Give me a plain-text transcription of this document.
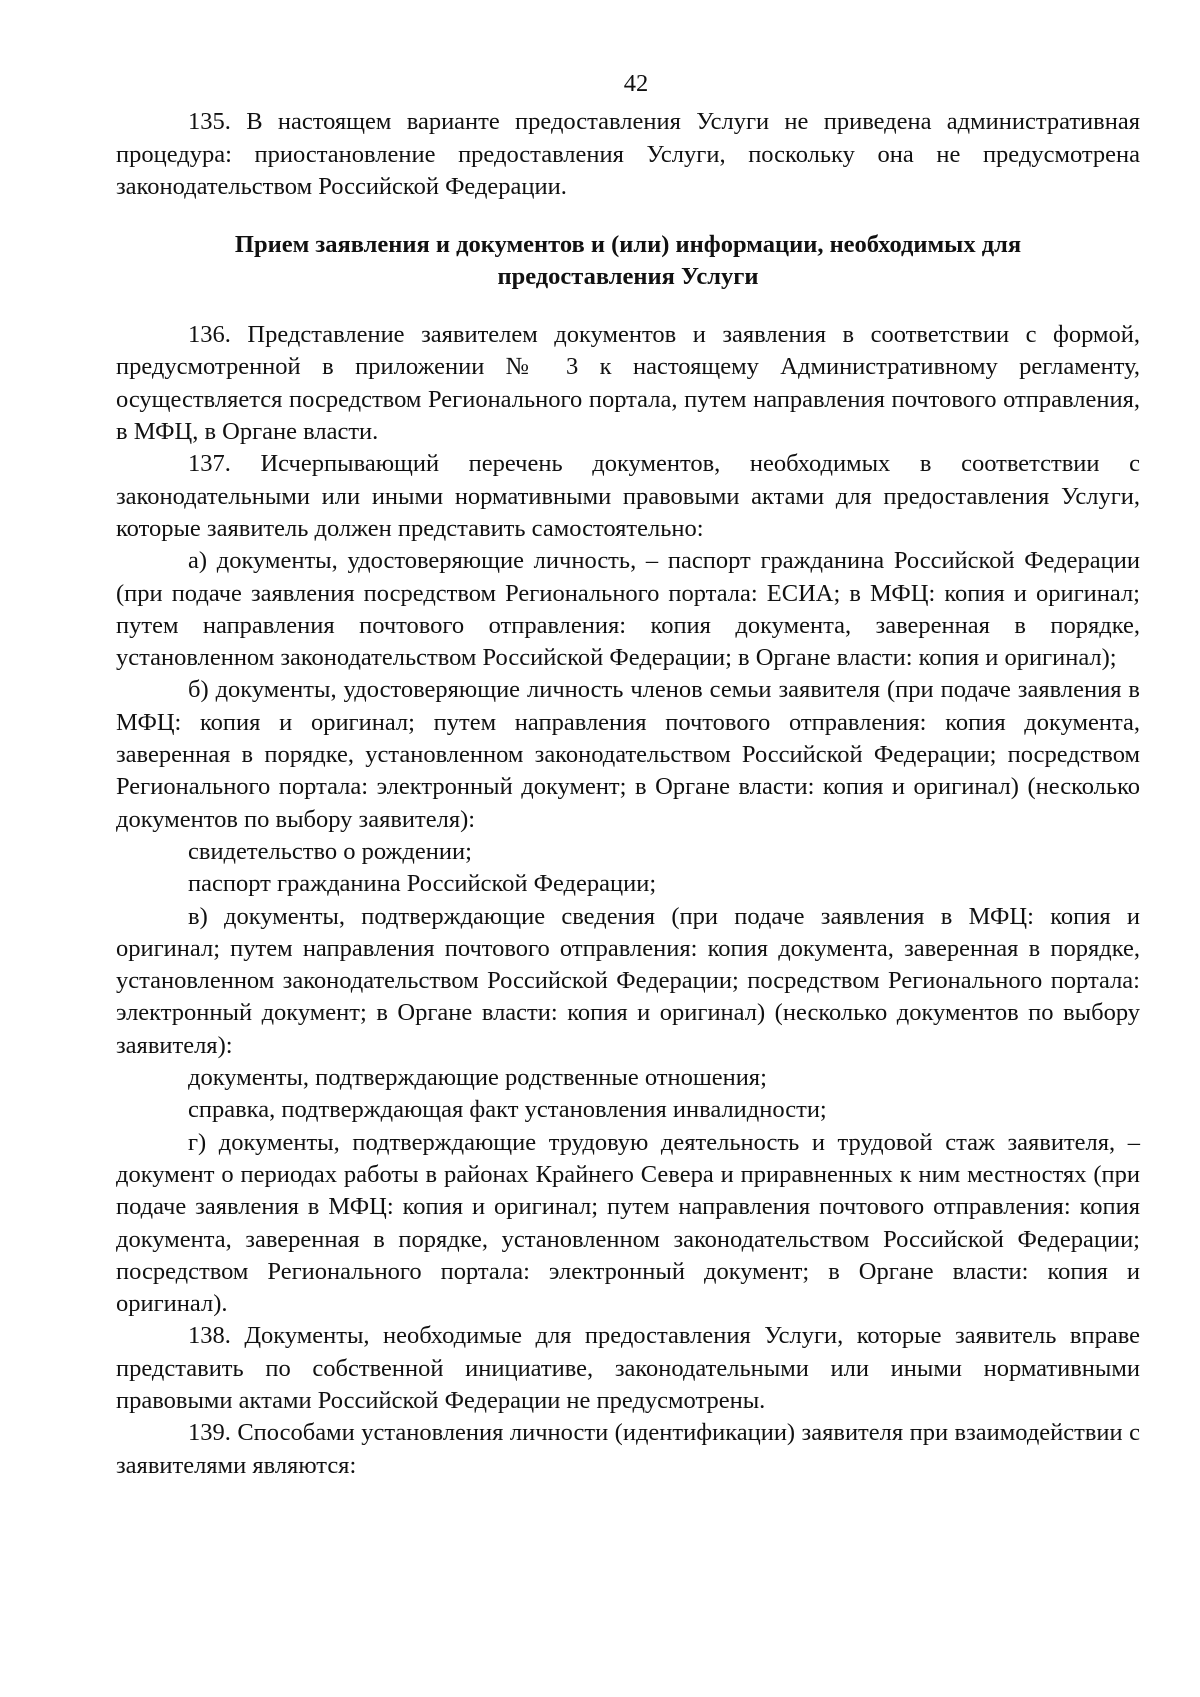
42

135. В настоящем варианте предоставления Услуги не приведена административная процедура: приостановление предоставления Услуги, поскольку она не предусмотрена законодательством Российской Федерации.

Прием заявления и документов и (или) информации, необходимых для
предоставления Услуги

136. Представление заявителем документов и заявления в соответствии с формой, предусмотренной в приложении № 3 к настоящему Административному регламенту, осуществляется посредством Регионального портала, путем направления почтового отправления, в МФЦ, в Органе власти.

137. Исчерпывающий перечень документов, необходимых в соответствии с законодательными или иными нормативными правовыми актами для предоставления Услуги, которые заявитель должен представить самостоятельно:

а) документы, удостоверяющие личность, – паспорт гражданина Российской Федерации (при подаче заявления посредством Регионального портала: ЕСИА; в МФЦ: копия и оригинал; путем направления почтового отправления: копия документа, заверенная в порядке, установленном законодательством Российской Федерации; в Органе власти: копия и оригинал);

б) документы, удостоверяющие личность членов семьи заявителя (при подаче заявления в МФЦ: копия и оригинал; путем направления почтового отправления: копия документа, заверенная в порядке, установленном законодательством Российской Федерации; посредством Регионального портала: электронный документ; в Органе власти: копия и оригинал) (несколько документов по выбору заявителя):

свидетельство о рождении;

паспорт гражданина Российской Федерации;

в) документы, подтверждающие сведения (при подаче заявления в МФЦ: копия и оригинал; путем направления почтового отправления: копия документа, заверенная в порядке, установленном законодательством Российской Федерации; посредством Регионального портала: электронный документ; в Органе власти: копия и оригинал) (несколько документов по выбору заявителя):

документы, подтверждающие родственные отношения;

справка, подтверждающая факт установления инвалидности;

г) документы, подтверждающие трудовую деятельность и трудовой стаж заявителя, – документ о периодах работы в районах Крайнего Севера и приравненных к ним местностях (при подаче заявления в МФЦ: копия и оригинал; путем направления почтового отправления: копия документа, заверенная в порядке, установленном законодательством Российской Федерации; посредством Регионального портала: электронный документ; в Органе власти: копия и оригинал).

138. Документы, необходимые для предоставления Услуги, которые заявитель вправе представить по собственной инициативе, законодательными или иными нормативными правовыми актами Российской Федерации не предусмотрены.

139. Способами установления личности (идентификации) заявителя при взаимодействии с заявителями являются:
